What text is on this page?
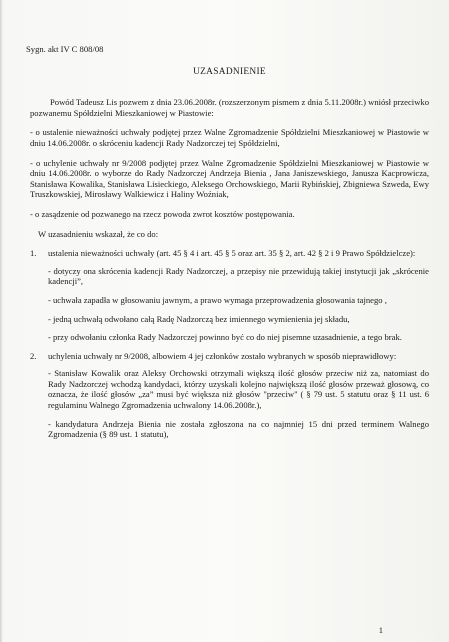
Sygn. akt IV C 808/08
UZASADNIENIE

Powód Tadeusz Lis pozwem z dnia 23.06.2008r. (rozszerzonym pismem z dnia 5.11.2008r.) wniósł przeciwko pozwanemu Spółdzielni Mieszkaniowej w Piastowie:

- o ustalenie nieważności uchwały podjętej przez Walne Zgromadzenie Spółdzielni Mieszkaniowej w Piastowie w dniu 14.06.2008r. o skróceniu kadencji Rady Nadzorczej tej Spółdzielni,

- o uchylenie uchwały nr 9/2008 podjętej przez Walne Zgromadzenie Spółdzielni Mieszkaniowej w Piastowie w dniu 14.06.2008r. o wyborze do Rady Nadzorczej Andrzeja Bienia , Jana Janiszewskiego, Janusza Kacprowicza, Stanisława Kowalika, Stanisława Lisieckiego, Aleksego Orchowskiego, Marii Rybińskiej, Zbigniewa Szweda, Ewy Truszkowskiej, Mirosławy Walkiewicz i Haliny Woźniak,

- o zasądzenie od pozwanego na rzecz powoda zwrot kosztów postępowania.

W uzasadnieniu wskazał, że co do:

1.	ustalenia nieważności uchwały (art. 45 § 4 i art. 45 § 5 oraz art. 35 § 2, art. 42 § 2 i 9 Prawo Spółdzielcze):

- dotyczy ona skrócenia kadencji Rady Nadzorczej, a przepisy nie przewidują takiej instytucji jak „skrócenie kadencji”,

- uchwała zapadła w głosowaniu jawnym, a prawo wymaga przeprowadzenia głosowania tajnego ,

- jedną uchwałą odwołano całą Radę Nadzorczą bez imiennego wymienienia jej składu,

- przy odwołaniu członka Rady Nadzorczej powinno być co do niej pisemne uzasadnienie, a tego brak.

2.	uchylenia uchwały nr 9/2008, albowiem 4 jej członków zostało wybranych w sposób nieprawidłowy:

- Stanisław Kowalik oraz Aleksy Orchowski otrzymali większą ilość głosów przeciw niż za, natomiast do Rady Nadzorczej wchodzą kandydaci, którzy uzyskali kolejno największą ilość głosów przeważ głosową, co oznacza, że ilość głosów „za” musi być większa niż głosów "przeciw" ( § 79 ust. 5 statutu oraz § 11 ust. 6 regulaminu Walnego Zgromadzenia uchwalony 14.06.2008r.),

- kandydatura Andrzeja Bienia nie została zgłoszona na co najmniej 15 dni przed terminem Walnego Zgromadzenia (§ 89 ust. 1 statutu),

1
